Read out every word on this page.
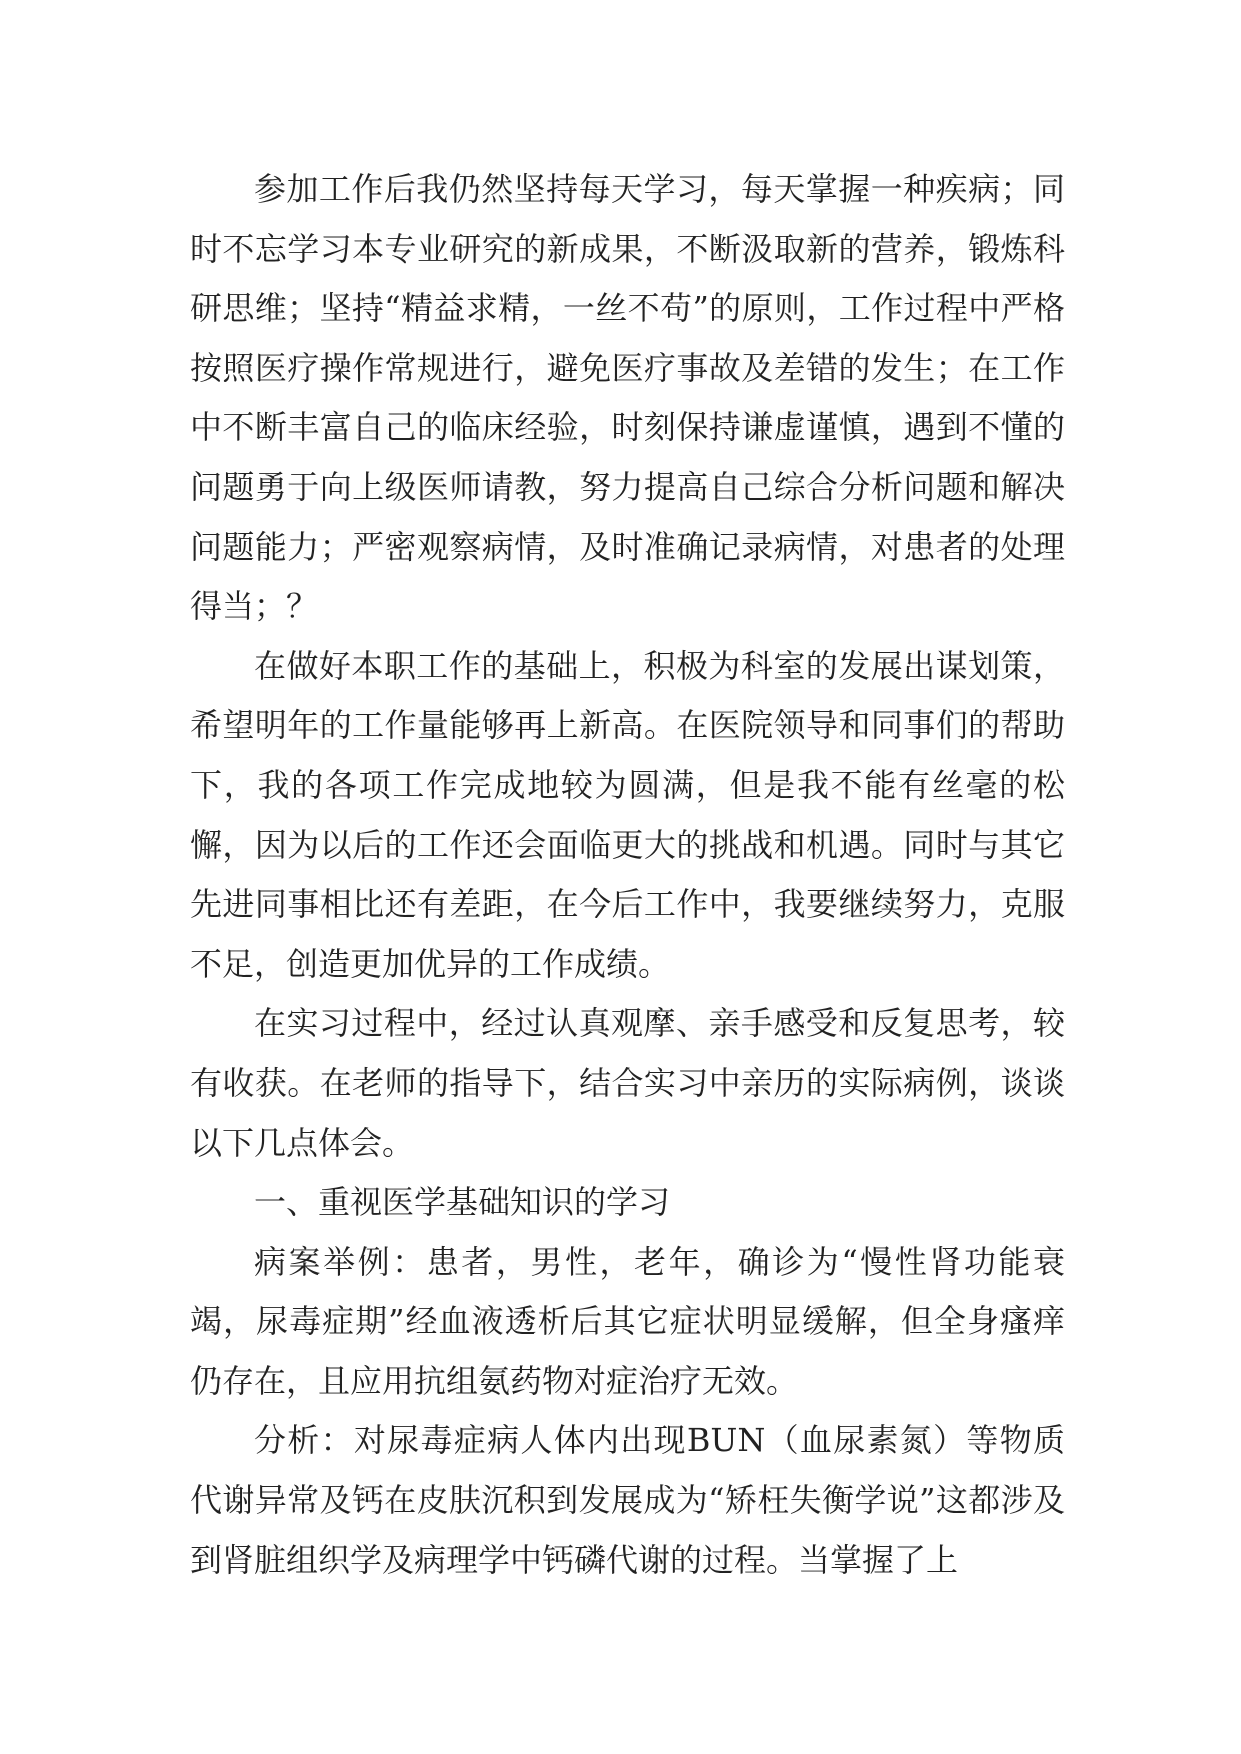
参加工作后我仍然坚持每天学习，每天掌握一种疾病；同时不忘学习本专业研究的新成果，不断汲取新的营养，锻炼科研思维；坚持“精益求精，一丝不苟”的原则，工作过程中严格按照医疗操作常规进行，避免医疗事故及差错的发生；在工作中不断丰富自己的临床经验，时刻保持谦虚谨慎，遇到不懂的问题勇于向上级医师请教，努力提高自己综合分析问题和解决问题能力；严密观察病情，及时准确记录病情，对患者的处理得当；？

在做好本职工作的基础上，积极为科室的发展出谋划策，希望明年的工作量能够再上新高。在医院领导和同事们的帮助下，我的各项工作完成地较为圆满，但是我不能有丝毫的松懈，因为以后的工作还会面临更大的挑战和机遇。同时与其它先进同事相比还有差距，在今后工作中，我要继续努力，克服不足，创造更加优异的工作成绩。

在实习过程中，经过认真观摩、亲手感受和反复思考，较有收获。在老师的指导下，结合实习中亲历的实际病例，谈谈以下几点体会。

一、重视医学基础知识的学习

病案举例：患者，男性，老年，确诊为“慢性肾功能衰竭，尿毒症期”经血液透析后其它症状明显缓解，但全身瘙痒仍存在，且应用抗组氨药物对症治疗无效。

分析：对尿毒症病人体内出现BUN（血尿素氮）等物质代谢异常及钙在皮肤沉积到发展成为“矫枉失衡学说”这都涉及到肾脏组织学及病理学中钙磷代谢的过程。当掌握了上
